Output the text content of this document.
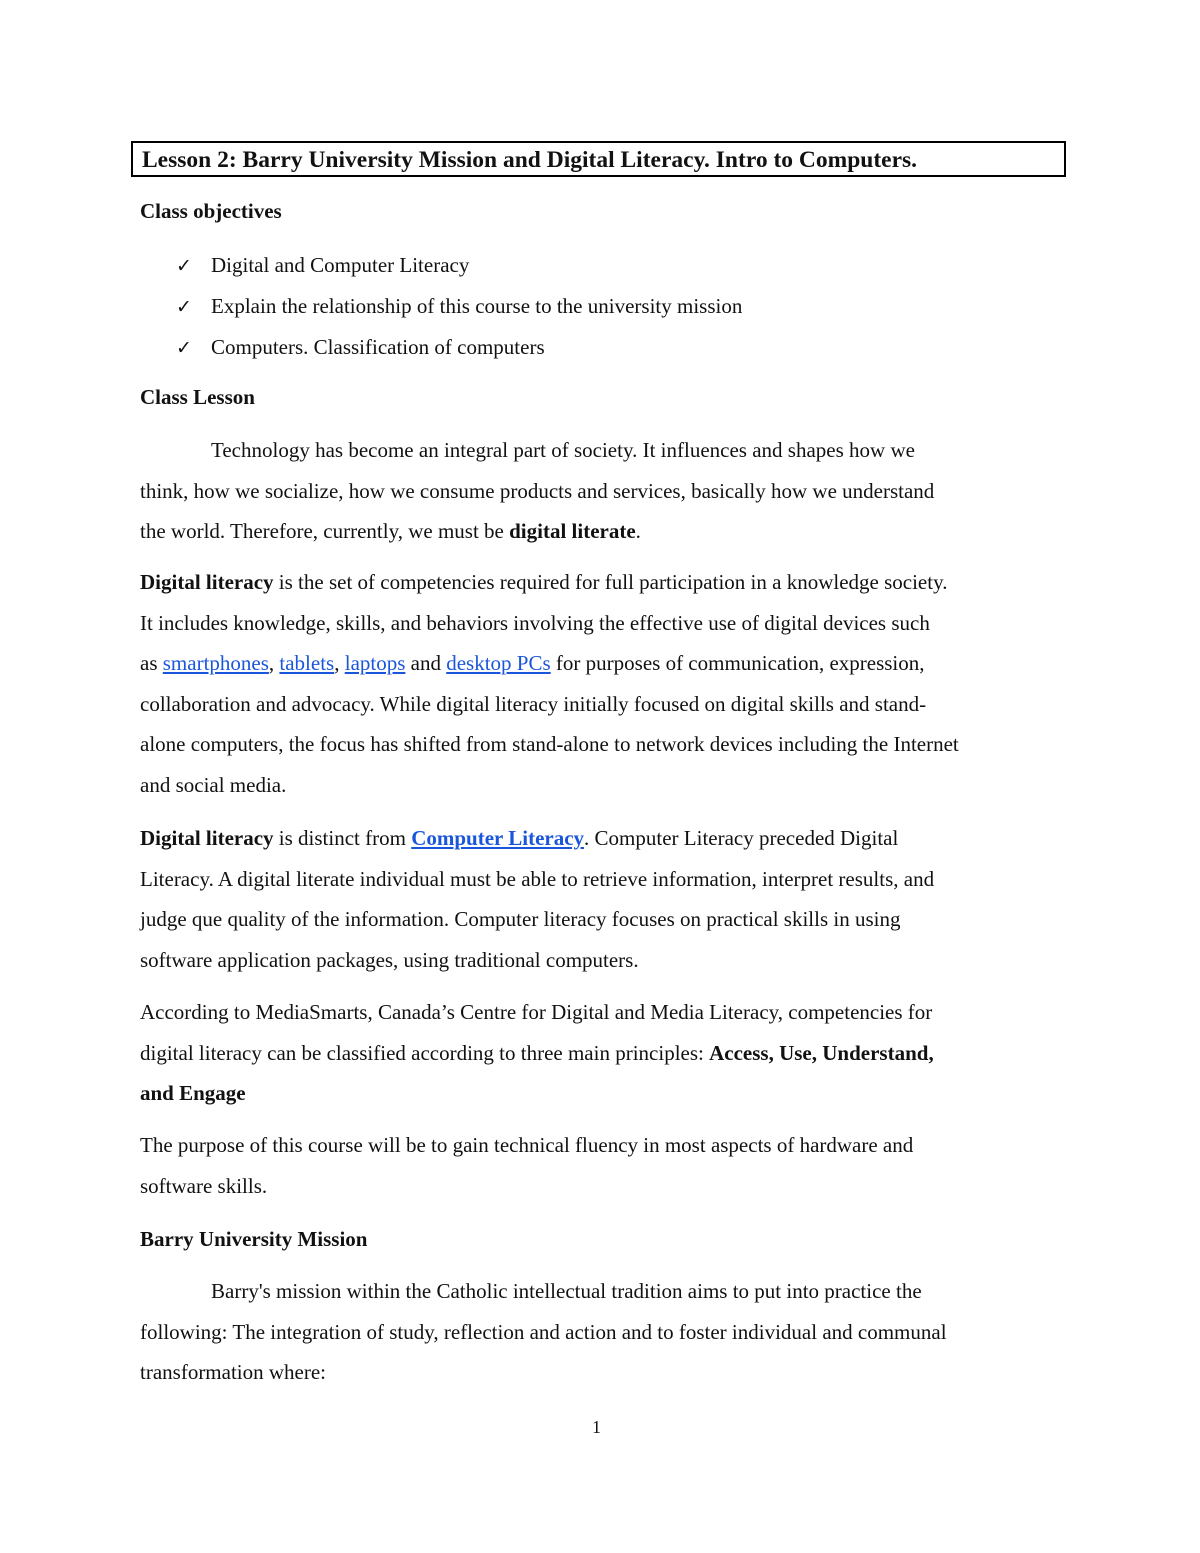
Lesson 2: Barry University Mission and Digital Literacy. Intro to Computers.
Class objectives
✓ Digital and Computer Literacy
✓ Explain the relationship of this course to the university mission
✓ Computers. Classification of computers
Class Lesson
Technology has become an integral part of society. It influences and shapes how we
think, how we socialize, how we consume products and services, basically how we understand
the world. Therefore, currently, we must be digital literate.
Digital literacy is the set of competencies required for full participation in a knowledge society.
It includes knowledge, skills, and behaviors involving the effective use of digital devices such
as smartphones, tablets, laptops and desktop PCs for purposes of communication, expression,
collaboration and advocacy. While digital literacy initially focused on digital skills and stand-
alone computers, the focus has shifted from stand-alone to network devices including the Internet
and social media.
Digital literacy is distinct from Computer Literacy. Computer Literacy preceded Digital
Literacy. A digital literate individual must be able to retrieve information, interpret results, and
judge que quality of the information. Computer literacy focuses on practical skills in using
software application packages, using traditional computers.
According to MediaSmarts, Canada’s Centre for Digital and Media Literacy, competencies for
digital literacy can be classified according to three main principles: Access, Use, Understand,
and Engage
The purpose of this course will be to gain technical fluency in most aspects of hardware and
software skills.
Barry University Mission
Barry's mission within the Catholic intellectual tradition aims to put into practice the
following: The integration of study, reflection and action and to foster individual and communal
transformation where:
1
